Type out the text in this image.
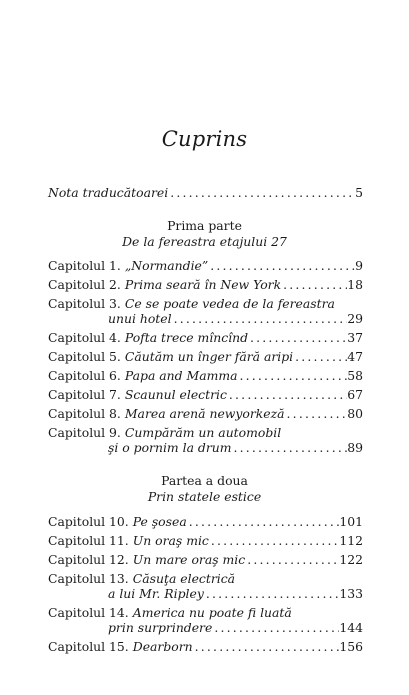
Cuprins
Nota traducătoarei .....	5
Prima parte
De la fereastra etajului 27
Capitolul 1. „Normandie” .....	9
Capitolul 2. Prima seară în New York .....	18
Capitolul 3. Ce se poate vedea de la fereastra
unui hotel .....	29
Capitolul 4. Pofta trece mîncînd .....	37
Capitolul 5. Căutăm un înger fără aripi .....	47
Capitolul 6. Papa and Mamma .....	58
Capitolul 7. Scaunul electric .....	67
Capitolul 8. Marea arenă newyorkeză .....	80
Capitolul 9. Cumpărăm un automobil
şi o pornim la drum .....	89
Partea a doua
Prin statele estice
Capitolul 10. Pe şosea .....	101
Capitolul 11. Un oraş mic .....	112
Capitolul 12. Un mare oraş mic .....	122
Capitolul 13. Căsuţa electrică
a lui Mr. Ripley .....	133
Capitolul 14. America nu poate fi luată
prin surprindere .....	144
Capitolul 15. Dearborn .....	156
